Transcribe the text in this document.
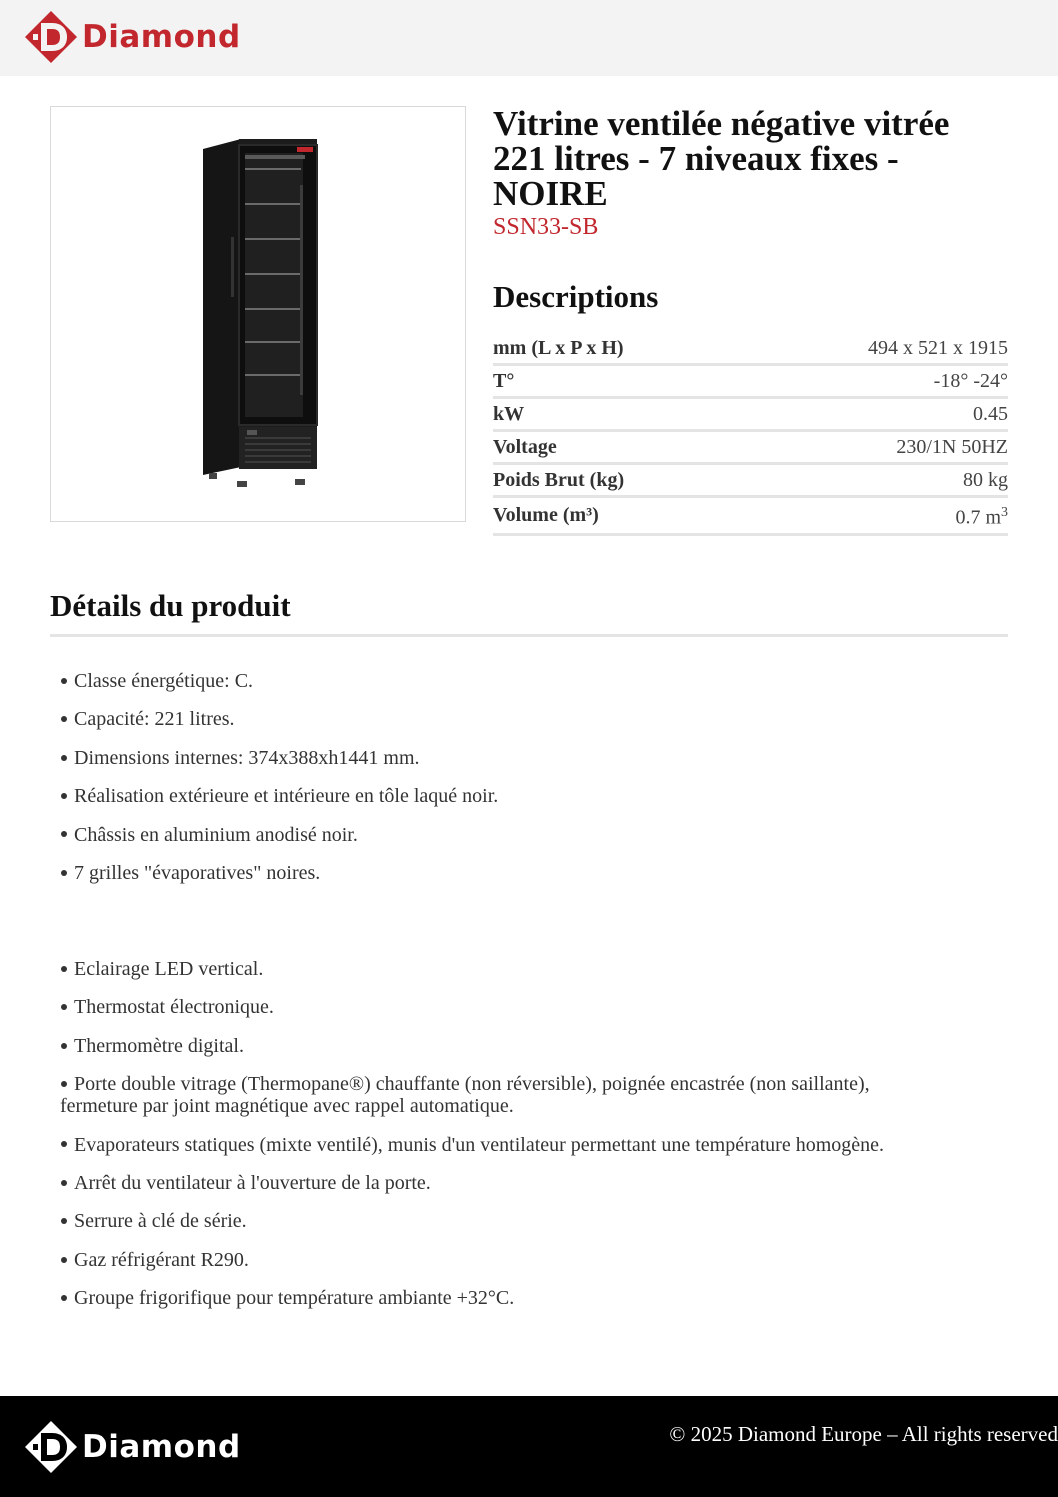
Diamond
Vitrine ventilée négative vitrée 221 litres - 7 niveaux fixes - NOIRE
SSN33-SB
Descriptions
mm (L x P x H)	494 x 521 x 1915
T°	-18° -24°
kW	0.45
Voltage	230/1N 50HZ
Poids Brut (kg)	80 kg
Volume (m³)	0.7 $m^3$
Détails du produit
Classe énergétique: C.
Capacité: 221 litres.
Dimensions internes: 374x388xh1441 mm.
Réalisation extérieure et intérieure en tôle laqué noir.
Châssis en aluminium anodisé noir.
7 grilles "évaporatives" noires.
Eclairage LED vertical.
Thermostat électronique.
Thermomètre digital.
Porte double vitrage (Thermopane®) chauffante (non réversible), poignée encastrée (non saillante), fermeture par joint magnétique avec rappel automatique.
Evaporateurs statiques (mixte ventilé), munis d'un ventilateur permettant une température homogène.
Arrêt du ventilateur à l'ouverture de la porte.
Serrure à clé de série.
Gaz réfrigérant R290.
Groupe frigorifique pour température ambiante +32°C.
Diamond	© 2025 Diamond Europe – All rights reserved
